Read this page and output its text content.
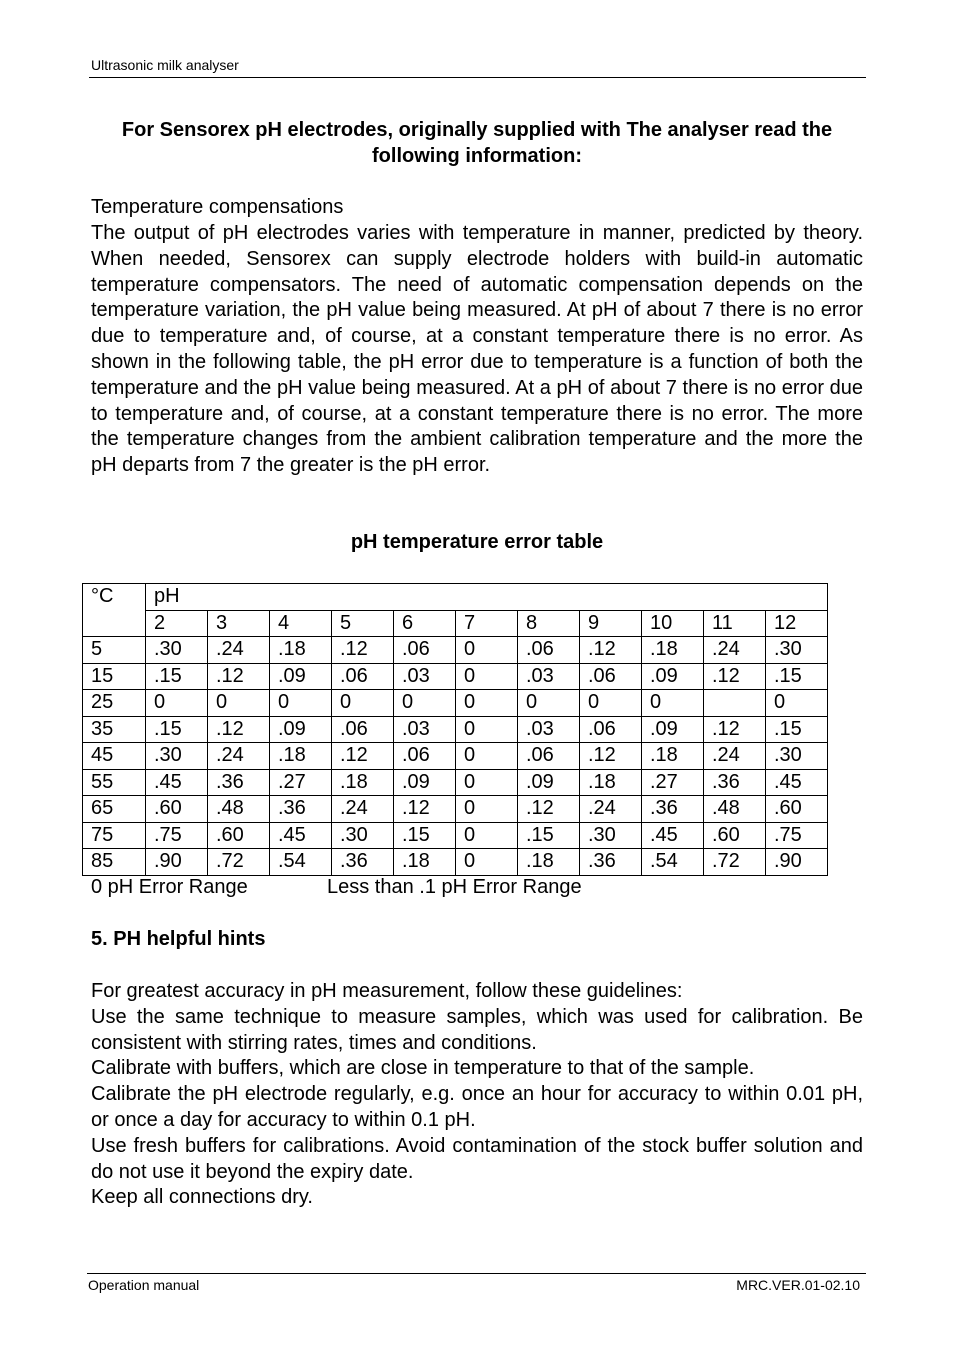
Ultrasonic milk analyser
For Sensorex pH electrodes, originally supplied with The analyser read the following information:
Temperature compensations
The output of pH electrodes varies with temperature in manner, predicted by theory. When needed, Sensorex can supply electrode holders with build-in automatic temperature compensators. The need of automatic compensation depends on the temperature variation, the pH value being measured. At pH of about 7 there is no error due to temperature and, of course, at a constant temperature there is no error. As shown in the following table, the pH error due to temperature is a function of both the temperature and the pH value being measured. At a pH of about 7 there is no error due to temperature and, of course, at a constant temperature there is no error. The more the temperature changes from the ambient calibration temperature and the more the pH departs from 7 the greater is the pH error.
pH temperature error table
°C	pH										
	2	3	4	5	6	7	8	9	10	11	12
5	.30	.24	.18	.12	.06	0	.06	.12	.18	.24	.30
15	.15	.12	.09	.06	.03	0	.03	.06	.09	.12	.15
25	0	0	0	0	0	0	0	0	0		0
35	.15	.12	.09	.06	.03	0	.03	.06	.09	.12	.15
45	.30	.24	.18	.12	.06	0	.06	.12	.18	.24	.30
55	.45	.36	.27	.18	.09	0	.09	.18	.27	.36	.45
65	.60	.48	.36	.24	.12	0	.12	.24	.36	.48	.60
75	.75	.60	.45	.30	.15	0	.15	.30	.45	.60	.75
85	.90	.72	.54	.36	.18	0	.18	.36	.54	.72	.90
0 pH Error Range	Less than .1 pH Error Range
5. PH helpful hints
For greatest accuracy in pH measurement, follow these guidelines:
Use the same technique to measure samples, which was used for calibration. Be consistent with stirring rates, times and conditions.
Calibrate with buffers, which are close in temperature to that of the sample.
Calibrate the pH electrode regularly, e.g. once an hour for accuracy to within 0.01 pH, or once a day for accuracy to within 0.1 pH.
Use fresh buffers for calibrations. Avoid contamination of the stock buffer solution and do not use it beyond the expiry date.
Keep all connections dry.
Operation manual	MRC.VER.01-02.10
